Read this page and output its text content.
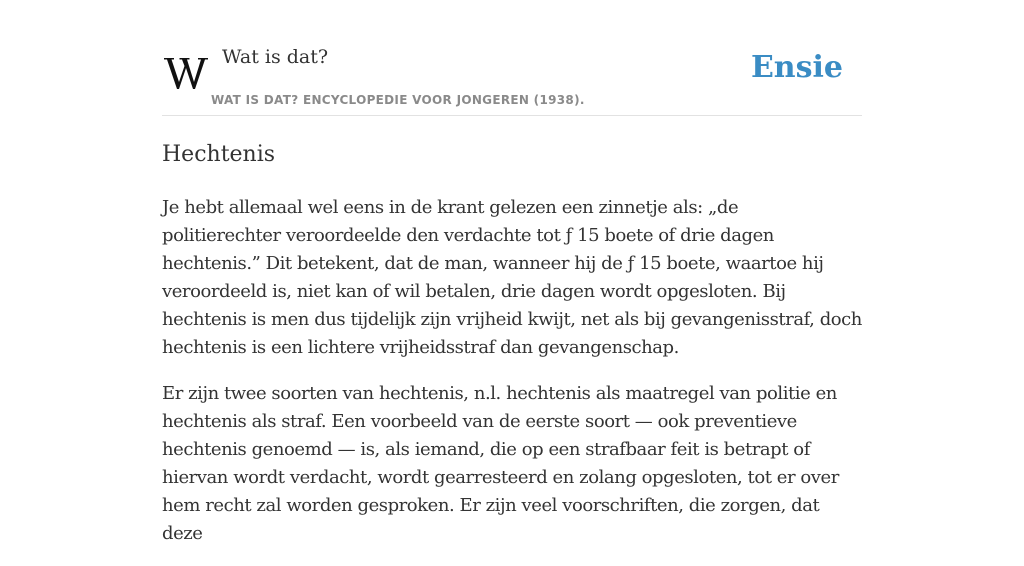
Wat is dat?
WAT IS DAT? ENCYCLOPEDIE VOOR JONGEREN (1938).
Ensie
Hechtenis

Je hebt allemaal wel eens in de krant gelezen een zinnetje als: „de politierechter veroordeelde den verdachte tot ƒ 15 boete of drie dagen hechtenis.” Dit betekent, dat de man, wanneer hij de ƒ 15 boete, waartoe hij veroordeeld is, niet kan of wil betalen, drie dagen wordt opgesloten. Bij hechtenis is men dus tijdelijk zijn vrijheid kwijt, net als bij gevangenisstraf, doch hechtenis is een lichtere vrijheidsstraf dan gevangenschap.

Er zijn twee soorten van hechtenis, n.l. hechtenis als maatregel van politie en hechtenis als straf. Een voorbeeld van de eerste soort — ook preventieve hechtenis genoemd — is, als iemand, die op een strafbaar feit is betrapt of hiervan wordt verdacht, wordt gearresteerd en zolang opgesloten, tot er over hem recht zal worden gesproken. Er zijn veel voorschriften, die zorgen, dat deze
